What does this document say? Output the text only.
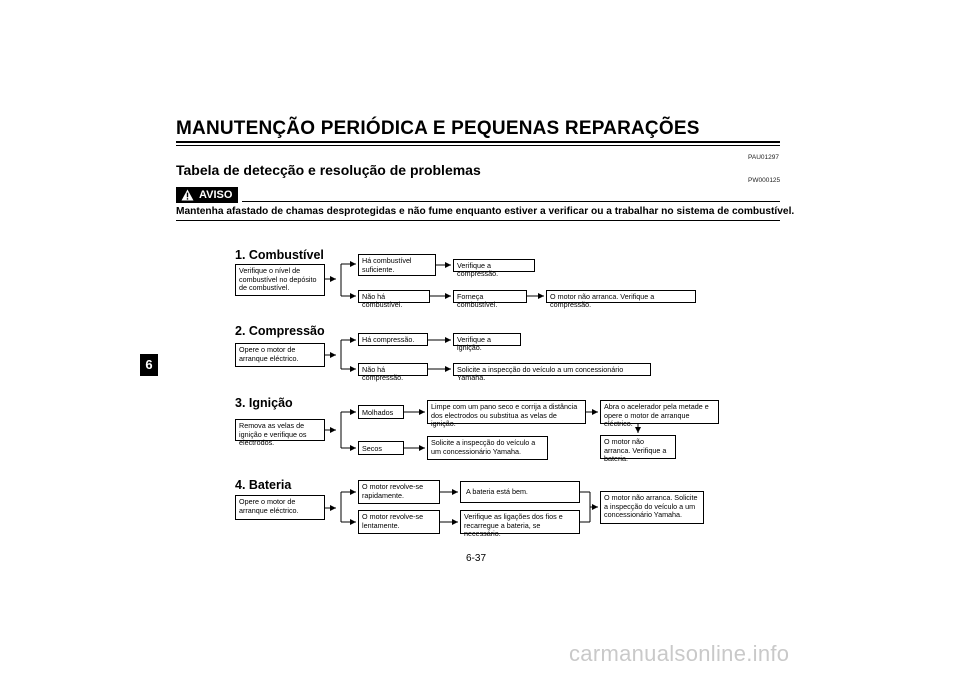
MANUTENÇÃO PERIÓDICA E PEQUENAS REPARAÇÕES
6
PAU01297
Tabela de detecção e resolução de problemas
PW000125
AVISO
Mantenha afastado de chamas desprotegidas e não fume enquanto estiver a verificar ou a trabalhar no sistema de combustível.
1. Combustível
Verifique o nível de combustível no depósito de combustível.
Há combustível suficiente.	Verifique a compressão.
Não há combustível.
Forneça combustível.
O motor não arranca. Verifique a compressão.
2. Compressão
Opere o motor de arranque eléctrico.
Há compressão.	Verifique a ignição.
Não há compressão.
Solicite a inspecção do veículo a um concessionário Yamaha.
3. Ignição
Remova as velas de ignição e verifique os electrodos.
Molhados
Limpe com um pano seco e corrija a distância dos electrodos ou substitua as velas de ignição.
Abra o acelerador pela metade e opere o motor de arranque eléctrico.
O motor não arranca. Verifique a bateria.
Secos
Solicite a inspecção do veículo a um concessionário Yamaha.
4. Bateria
Opere o motor de arranque eléctrico.
O motor revolve-se rapidamente.	A bateria está bem.
O motor revolve-se lentamente.
Verifique as ligações dos fios e recarregue a bateria, se necessário.
O motor não arranca. Solicite a inspecção do veículo a um concessionário Yamaha.
6-37
carmanualsonline.info
